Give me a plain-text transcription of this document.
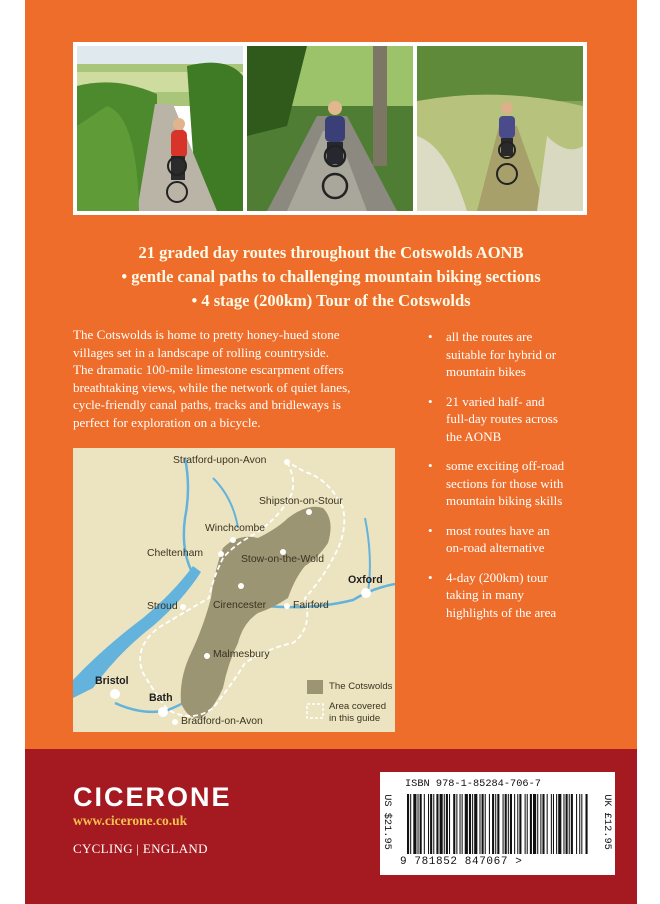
21 graded day routes throughout the Cotswolds AONB
• gentle canal paths to challenging mountain biking sections
• 4 stage (200km) Tour of the Cotswolds

The Cotswolds is home to pretty honey-hued stone

villages set in a landscape of rolling countryside.

The dramatic 100-mile limestone escarpment offers

breathtaking views, while the network of quiet lanes,

cycle-friendly canal paths, tracks and bridleways is

perfect for exploration on a bicycle.

• all the routes are
suitable for hybrid or
mountain bikes
• 21 varied half- and
full-day routes across
the AONB
• some exciting off-road
sections for those with
mountain biking skills
• most routes have an
on-road alternative
• 4-day (200km) tour
taking in many
highlights of the area
Stratford-upon-Avon
Shipston-on-Stour
Winchcombe
Cheltenham
Stow-on-the-Wold
Oxford
Stroud	Cirencester	Fairford
Malmesbury
Bristol
Bath
Bradford-on-Avon
The Cotswolds
Area covered
in this guide
CICERONE
www.cicerone.co.uk
CYCLING | ENGLAND
ISBN 978-1-85284-706-7
9 781852 847067 >
US $21.95	UK £12.95
